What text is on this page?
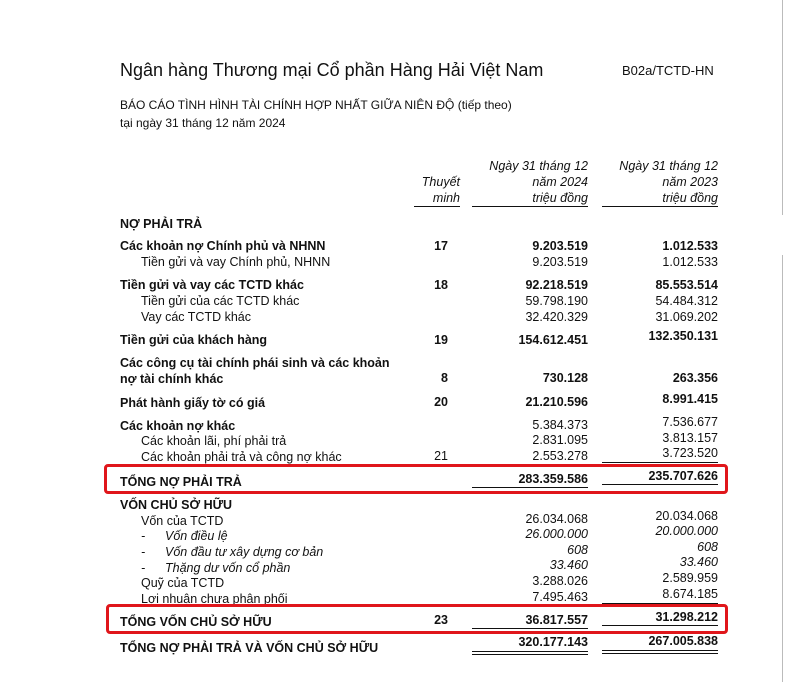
Ngân hàng Thương mại Cổ phần Hàng Hải Việt Nam	B02a/TCTD-HN
BÁO CÁO TÌNH HÌNH TÀI CHÍNH HỢP NHẤT GIỮA NIÊN ĐỘ (tiếp theo)
tại ngày 31 tháng 12 năm 2024
Thuyết
minh
Ngày 31 tháng 12
năm 2024
triệu đồng
Ngày 31 tháng 12
năm 2023
triệu đồng
NỢ PHẢI TRẢ
Các khoản nợ Chính phủ và NHNN	17	9.203.519	1.012.533
Tiền gửi và vay Chính phủ, NHNN	9.203.519	1.012.533
Tiền gửi và vay các TCTD khác	18	92.218.519	85.553.514
Tiền gửi của các TCTD khác	59.798.190	54.484.312
Vay các TCTD khác	32.420.329	31.069.202
Tiền gửi của khách hàng	19	154.612.451	132.350.131
Các công cụ tài chính phái sinh và các khoản
nợ tài chính khác	8	730.128	263.356
Phát hành giấy tờ có giá	20	21.210.596	8.991.415
Các khoản nợ khác	5.384.373	7.536.677
Các khoản lãi, phí phải trả	2.831.095	3.813.157
Các khoản phải trả và công nợ khác	21	2.553.278	3.723.520
TỔNG NỢ PHẢI TRẢ	283.359.586	235.707.626
VỐN CHỦ SỞ HỮU
Vốn của TCTD	26.034.068	20.034.068
- Vốn điều lệ	26.000.000	20.000.000
- Vốn đầu tư xây dựng cơ bản	608	608
- Thặng dư vốn cổ phần	33.460	33.460
Quỹ của TCTD	3.288.026	2.589.959
Lợi nhuận chưa phân phối	7.495.463	8.674.185
TỔNG VỐN CHỦ SỞ HỮU	23	36.817.557	31.298.212
TỔNG NỢ PHẢI TRẢ VÀ VỐN CHỦ SỞ HỮU	320.177.143	267.005.838
